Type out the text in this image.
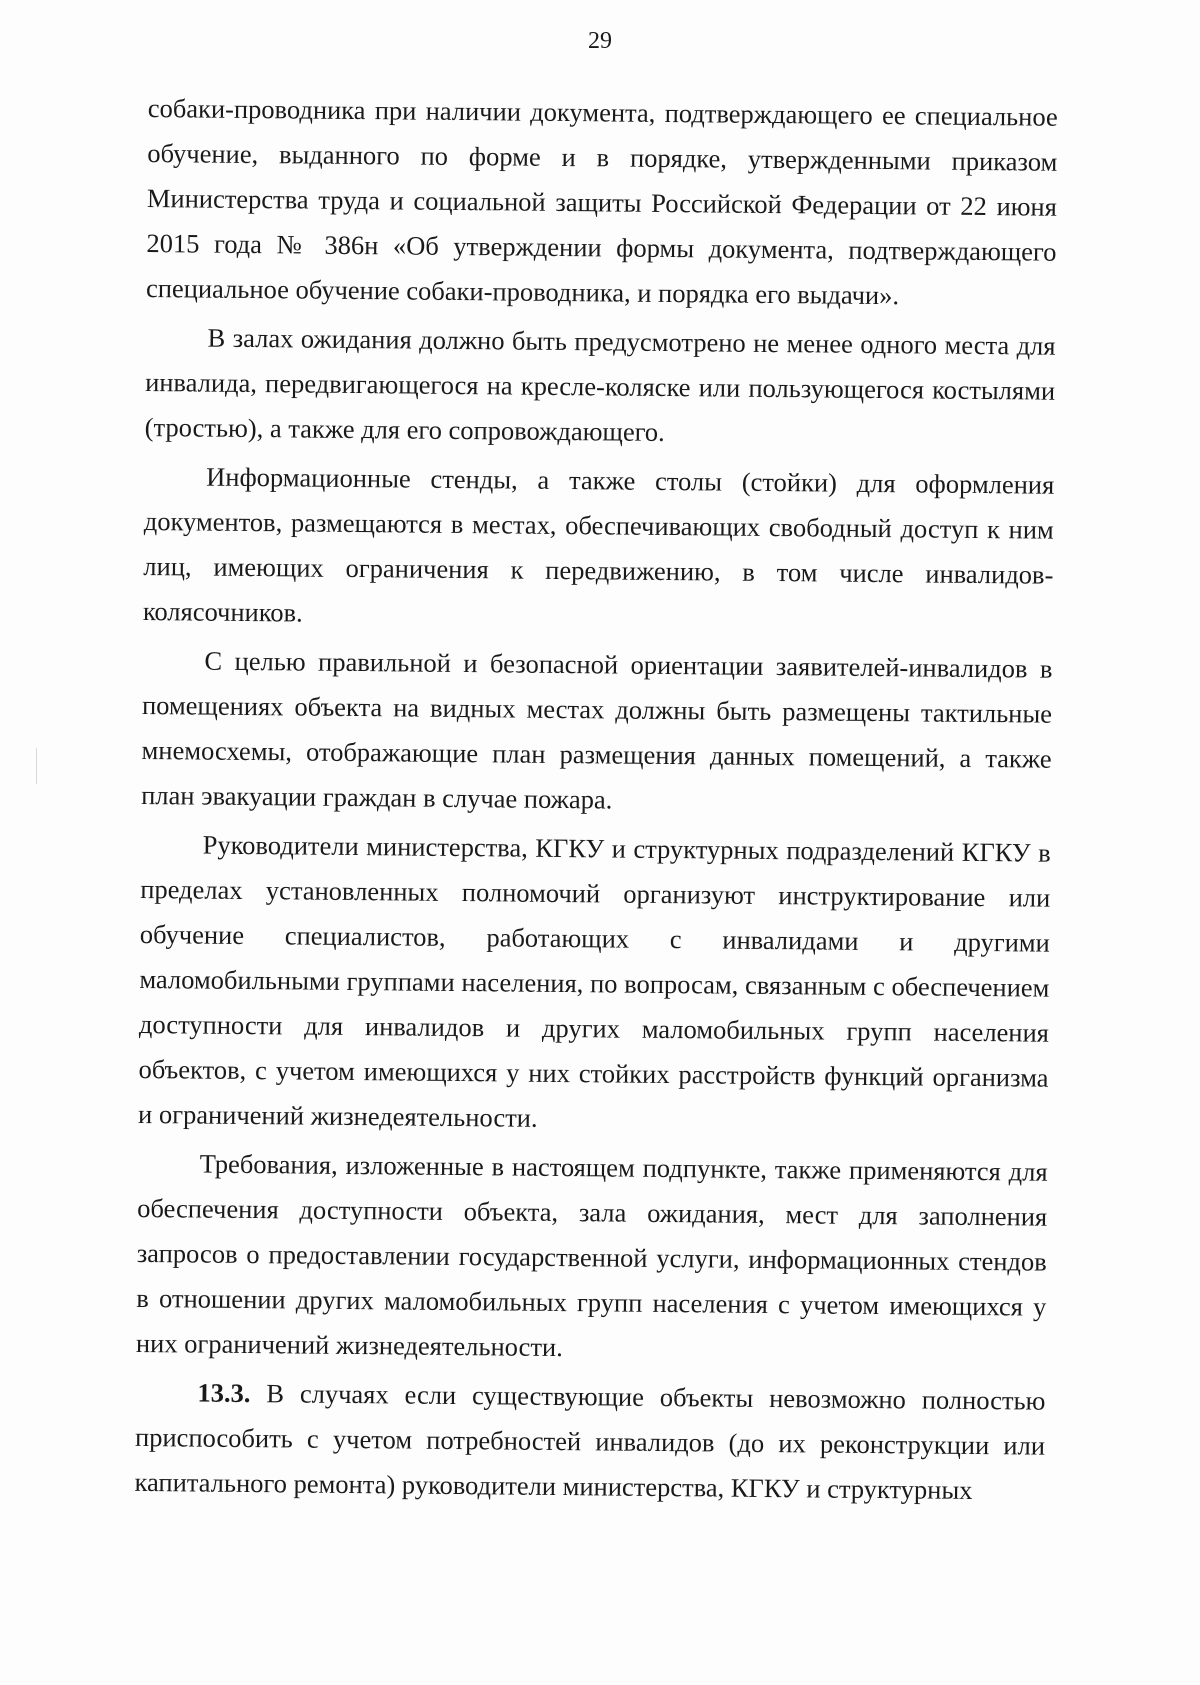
29

собаки-проводника при наличии документа, подтверждающего ее специальное обучение, выданного по форме и в порядке, утвержденными приказом Министерства труда и социальной защиты Российской Федерации от 22 июня 2015 года № 386н «Об утверждении формы документа, подтверждающего специальное обучение собаки-проводника, и порядка его выдачи».

В залах ожидания должно быть предусмотрено не менее одного места для инвалида, передвигающегося на кресле-коляске или пользующегося костылями (тростью), а также для его сопровождающего.

Информационные стенды, а также столы (стойки) для оформления документов, размещаются в местах, обеспечивающих свободный доступ к ним лиц, имеющих ограничения к передвижению, в том числе инвалидов-колясочников.

С целью правильной и безопасной ориентации заявителей-инвалидов в помещениях объекта на видных местах должны быть размещены тактильные мнемосхемы, отображающие план размещения данных помещений, а также план эвакуации граждан в случае пожара.

Руководители министерства, КГКУ и структурных подразделений КГКУ в пределах установленных полномочий организуют инструктирование или обучение специалистов, работающих с инвалидами и другими маломобильными группами населения, по вопросам, связанным с обеспечением доступности для инвалидов и других маломобильных групп населения объектов, с учетом имеющихся у них стойких расстройств функций организма и ограничений жизнедеятельности.

Требования, изложенные в настоящем подпункте, также применяются для обеспечения доступности объекта, зала ожидания, мест для заполнения запросов о предоставлении государственной услуги, информационных стендов в отношении других маломобильных групп населения с учетом имеющихся у них ограничений жизнедеятельности.

13.3. В случаях если существующие объекты невозможно полностью приспособить с учетом потребностей инвалидов (до их реконструкции или капитального ремонта) руководители министерства, КГКУ и структурных
